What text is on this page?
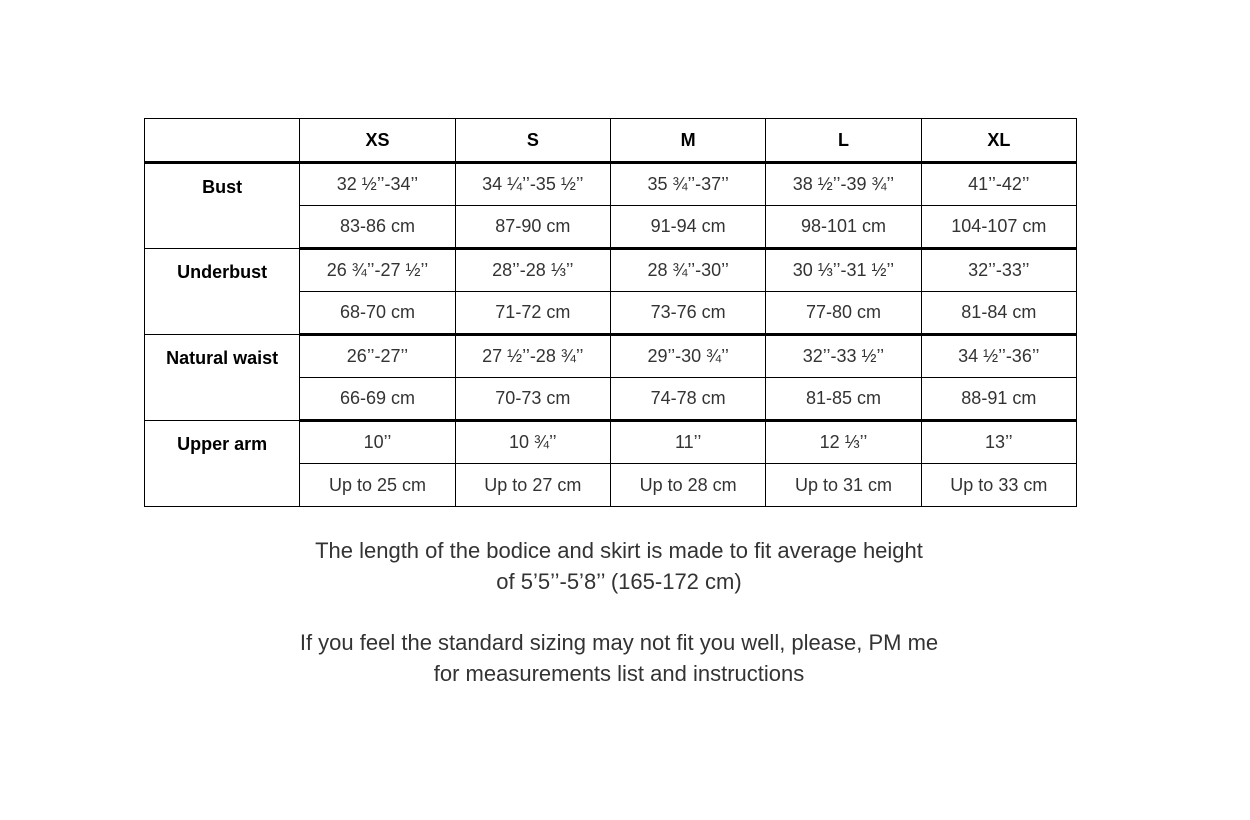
	XS	S	M	L	XL
Bust	32 ½’’-34’’	34 ¼’’-35 ½’’	35 ¾’’-37’’	38 ½’’-39 ¾’’	41’’-42’’
	83-86 cm	87-90 cm	91-94 cm	98-101 cm	104-107 cm
Underbust	26 ¾’’-27 ½’’	28’’-28 ⅓’’	28 ¾’’-30’’	30 ⅓’’-31 ½’’	32’’-33’’
	68-70 cm	71-72 cm	73-76 cm	77-80 cm	81-84 cm
Natural waist	26’’-27’’	27 ½’’-28 ¾’’	29’’-30 ¾’’	32’’-33 ½’’	34 ½’’-36’’
	66-69 cm	70-73 cm	74-78 cm	81-85 cm	88-91 cm
Upper arm	10’’	10 ¾’’	11’’	12 ⅓’’	13’’
	Up to 25 cm	Up to 27 cm	Up to 28 cm	Up to 31 cm	Up to 33 cm
The length of the bodice and skirt is made to fit average height
of 5’5’’-5’8’’ (165-172 cm)
If you feel the standard sizing may not fit you well, please, PM me
for measurements list and instructions
